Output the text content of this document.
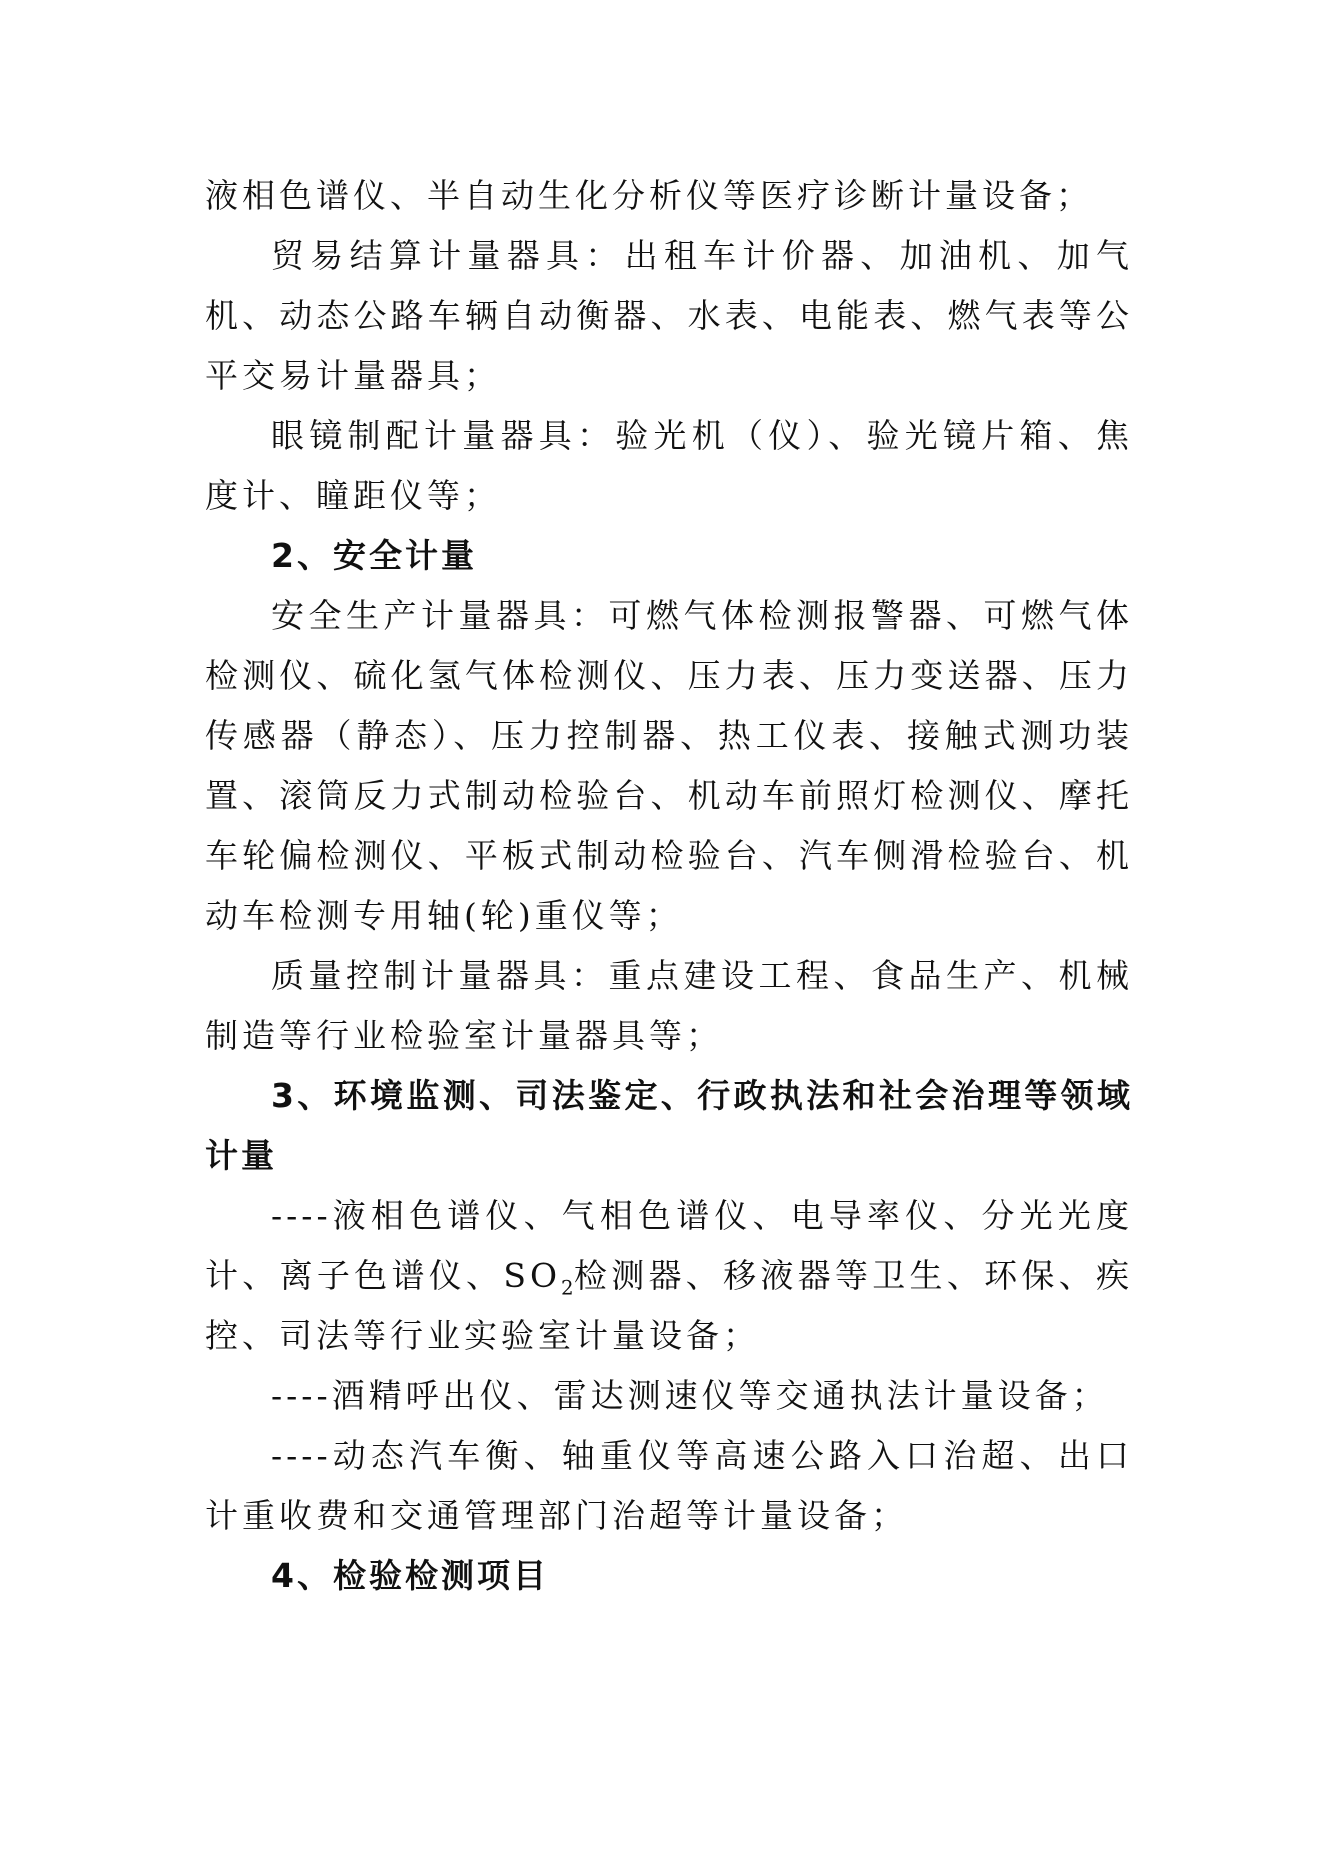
液相色谱仪、半自动生化分析仪等医疗诊断计量设备；

贸易结算计量器具：出租车计价器、加油机、加气机、动态公路车辆自动衡器、水表、电能表、燃气表等公平交易计量器具；

眼镜制配计量器具：验光机（仪）、验光镜片箱、焦度计、瞳距仪等；

2、安全计量

安全生产计量器具：可燃气体检测报警器、可燃气体检测仪、硫化氢气体检测仪、压力表、压力变送器、压力传感器（静态）、压力控制器、热工仪表、接触式测功装置、滚筒反力式制动检验台、机动车前照灯检测仪、摩托车轮偏检测仪、平板式制动检验台、汽车侧滑检验台、机动车检测专用轴(轮)重仪等；

质量控制计量器具：重点建设工程、食品生产、机械制造等行业检验室计量器具等；

3、环境监测、司法鉴定、行政执法和社会治理等领域计量

----液相色谱仪、气相色谱仪、电导率仪、分光光度计、离子色谱仪、$SO_2$检测器、移液器等卫生、环保、疾控、司法等行业实验室计量设备；

----酒精呼出仪、雷达测速仪等交通执法计量设备；

----动态汽车衡、轴重仪等高速公路入口治超、出口计重收费和交通管理部门治超等计量设备；

4、检验检测项目
